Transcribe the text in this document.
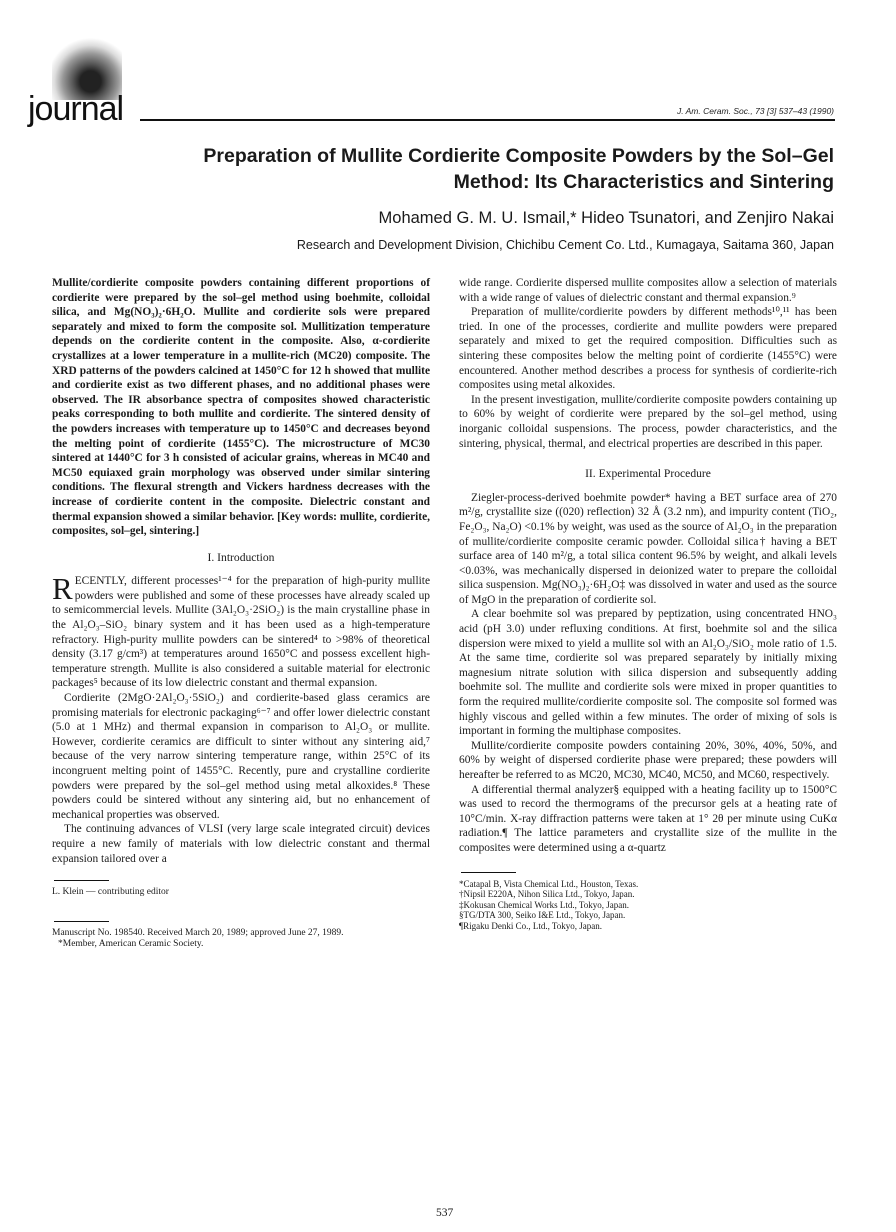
journal	J. Am. Ceram. Soc., 73 [3] 537–43 (1990)
Preparation of Mullite Cordierite Composite Powders by the Sol–Gel Method: Its Characteristics and Sintering
Mohamed G. M. U. Ismail,* Hideo Tsunatori, and Zenjiro Nakai
Research and Development Division, Chichibu Cement Co. Ltd., Kumagaya, Saitama 360, Japan

Mullite/cordierite composite powders containing different proportions of cordierite were prepared by the sol–gel method using boehmite, colloidal silica, and Mg(NO₃)₂·6H₂O. Mullite and cordierite sols were prepared separately and mixed to form the composite sol. Mullitization temperature depends on the cordierite content in the composite. Also, α-cordierite crystallizes at a lower temperature in a mullite-rich (MC20) composite. The XRD patterns of the powders calcined at 1450°C for 12 h showed that mullite and cordierite exist as two different phases, and no additional phases were observed. The IR absorbance spectra of composites showed characteristic peaks corresponding to both mullite and cordierite. The sintered density of the powders increases with temperature up to 1450°C and decreases beyond the melting point of cordierite (1455°C). The microstructure of MC30 sintered at 1440°C for 3 h consisted of acicular grains, whereas in MC40 and MC50 equiaxed grain morphology was observed under similar sintering conditions. The flexural strength and Vickers hardness decreases with the increase of cordierite content in the composite. Dielectric constant and thermal expansion showed a similar behavior. [Key words: mullite, cordierite, composites, sol–gel, sintering.]

I. Introduction

RECENTLY, different processes¹⁻⁴ for the preparation of high-purity mullite powders were published and some of these processes have already scaled up to semicommercial levels. Mullite (3Al₂O₃·2SiO₂) is the main crystalline phase in the Al₂O₃–SiO₂ binary system and it has been used as a high-temperature refractory. High-purity mullite powders can be sintered⁴ to >98% of theoretical density (3.17 g/cm³) at temperatures around 1650°C and possess excellent high-temperature strength. Mullite is also considered a suitable material for electronic packages⁵ because of its low dielectric constant and thermal expansion.

Cordierite (2MgO·2Al₂O₃·5SiO₂) and cordierite-based glass ceramics are promising materials for electronic packaging⁶⁻⁷ and offer lower dielectric constant (5.0 at 1 MHz) and thermal expansion in comparison to Al₂O₃ or mullite. However, cordierite ceramics are difficult to sinter without any sintering aid,⁷ because of the very narrow sintering temperature range, within 25°C of its incongruent melting point of 1455°C. Recently, pure and crystalline cordierite powders were prepared by the sol–gel method using metal alkoxides.⁸ These powders could be sintered without any sintering aid, but no enhancement of mechanical properties was observed.

The continuing advances of VLSI (very large scale integrated circuit) devices require a new family of materials with low dielectric constant and thermal expansion tailored over a

L. Klein — contributing editor

Manuscript No. 198540. Received March 20, 1989; approved June 27, 1989.

*Member, American Ceramic Society.

wide range. Cordierite dispersed mullite composites allow a selection of materials with a wide range of values of dielectric constant and thermal expansion.⁹

Preparation of mullite/cordierite powders by different methods¹⁰,¹¹ has been tried. In one of the processes, cordierite and mullite powders were prepared separately and mixed to get the required composition. Difficulties such as sintering these composites below the melting point of cordierite (1455°C) were encountered. Another method describes a process for synthesis of cordierite-rich composites using metal alkoxides.

In the present investigation, mullite/cordierite composite powders containing up to 60% by weight of cordierite were prepared by the sol–gel method, using inorganic colloidal suspensions. The process, powder characteristics, and the sintering, physical, thermal, and electrical properties are described in this paper.

II. Experimental Procedure

Ziegler-process-derived boehmite powder* having a BET surface area of 270 m²/g, crystallite size ((020) reflection) 32 Å (3.2 nm), and impurity content (TiO₂, Fe₂O₃, Na₂O) <0.1% by weight, was used as the source of Al₂O₃ in the preparation of mullite/cordierite composite ceramic powder. Colloidal silica† having a BET surface area of 140 m²/g, a total silica content 96.5% by weight, and alkali levels <0.03%, was mechanically dispersed in deionized water to prepare the colloidal silica suspension. Mg(NO₃)₂·6H₂O‡ was dissolved in water and used as the source of MgO in the preparation of cordierite sol.

A clear boehmite sol was prepared by peptization, using concentrated HNO₃ acid (pH 3.0) under refluxing conditions. At first, boehmite sol and the silica dispersion were mixed to yield a mullite sol with an Al₂O₃/SiO₂ mole ratio of 1.5. At the same time, cordierite sol was prepared separately by initially mixing magnesium nitrate solution with silica dispersion and subsequently adding boehmite sol. The mullite and cordierite sols were mixed in proper quantities to form the required mullite/cordierite composite sol. The composite sol formed was highly viscous and gelled within a few minutes. The order of mixing of sols is important in forming the multiphase composites.

Mullite/cordierite composite powders containing 20%, 30%, 40%, 50%, and 60% by weight of dispersed cordierite phase were prepared; these powders will hereafter be referred to as MC20, MC30, MC40, MC50, and MC60, respectively.

A differential thermal analyzer§ equipped with a heating facility up to 1500°C was used to record the thermograms of the precursor gels at a heating rate of 10°C/min. X-ray diffraction patterns were taken at 1° 2θ per minute using CuKα radiation.¶ The lattice parameters and crystallite size of the mullite in the composites were determined using a α-quartz

*Catapal B, Vista Chemical Ltd., Houston, Texas.

†Nipsil E220A, Nihon Silica Ltd., Tokyo, Japan.

‡Kokusan Chemical Works Ltd., Tokyo, Japan.

§TG/DTA 300, Seiko I&E Ltd., Tokyo, Japan.

¶Rigaku Denki Co., Ltd., Tokyo, Japan.

537
